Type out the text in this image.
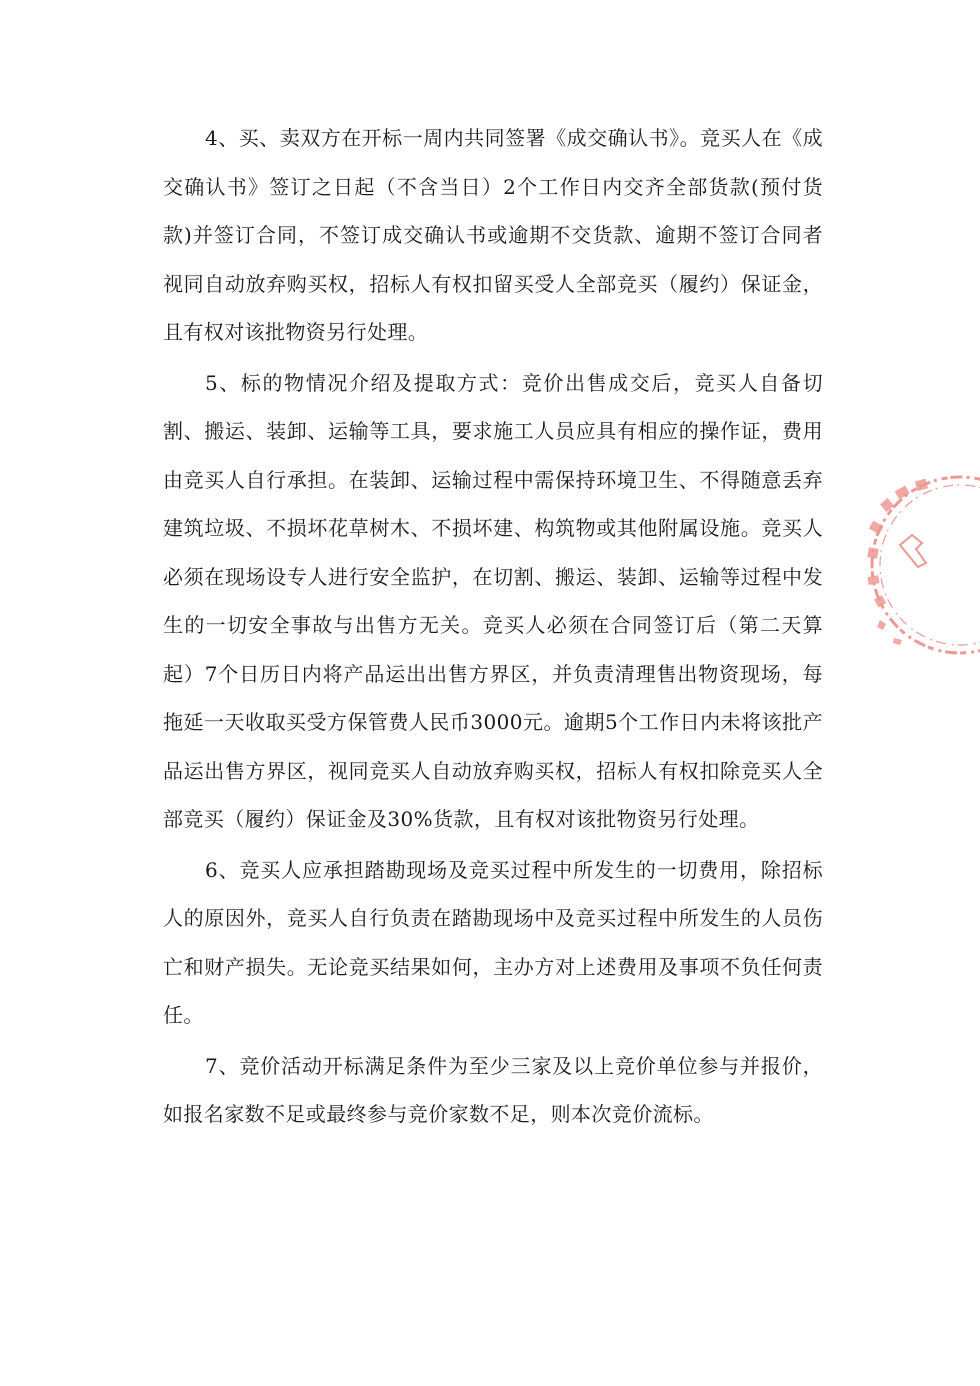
4、买、卖双方在开标一周内共同签署《成交确认书》。竞买人在《成交确认书》签订之日起（不含当日）2个工作日内交齐全部货款(预付货款)并签订合同，不签订成交确认书或逾期不交货款、逾期不签订合同者视同自动放弃购买权，招标人有权扣留买受人全部竞买（履约）保证金，且有权对该批物资另行处理。

5、标的物情况介绍及提取方式：竞价出售成交后，竞买人自备切割、搬运、装卸、运输等工具，要求施工人员应具有相应的操作证，费用由竞买人自行承担。在装卸、运输过程中需保持环境卫生、不得随意丢弃建筑垃圾、不损坏花草树木、不损坏建、构筑物或其他附属设施。竞买人必须在现场设专人进行安全监护，在切割、搬运、装卸、运输等过程中发生的一切安全事故与出售方无关。竞买人必须在合同签订后（第二天算起）7个日历日内将产品运出出售方界区，并负责清理售出物资现场，每拖延一天收取买受方保管费人民币3000元。逾期5个工作日内未将该批产品运出售方界区，视同竞买人自动放弃购买权，招标人有权扣除竞买人全部竞买（履约）保证金及30%货款，且有权对该批物资另行处理。

6、竞买人应承担踏勘现场及竞买过程中所发生的一切费用，除招标人的原因外，竞买人自行负责在踏勘现场中及竞买过程中所发生的人员伤亡和财产损失。无论竞买结果如何，主办方对上述费用及事项不负任何责任。

7、竞价活动开标满足条件为至少三家及以上竞价单位参与并报价，如报名家数不足或最终参与竞价家数不足，则本次竞价流标。
